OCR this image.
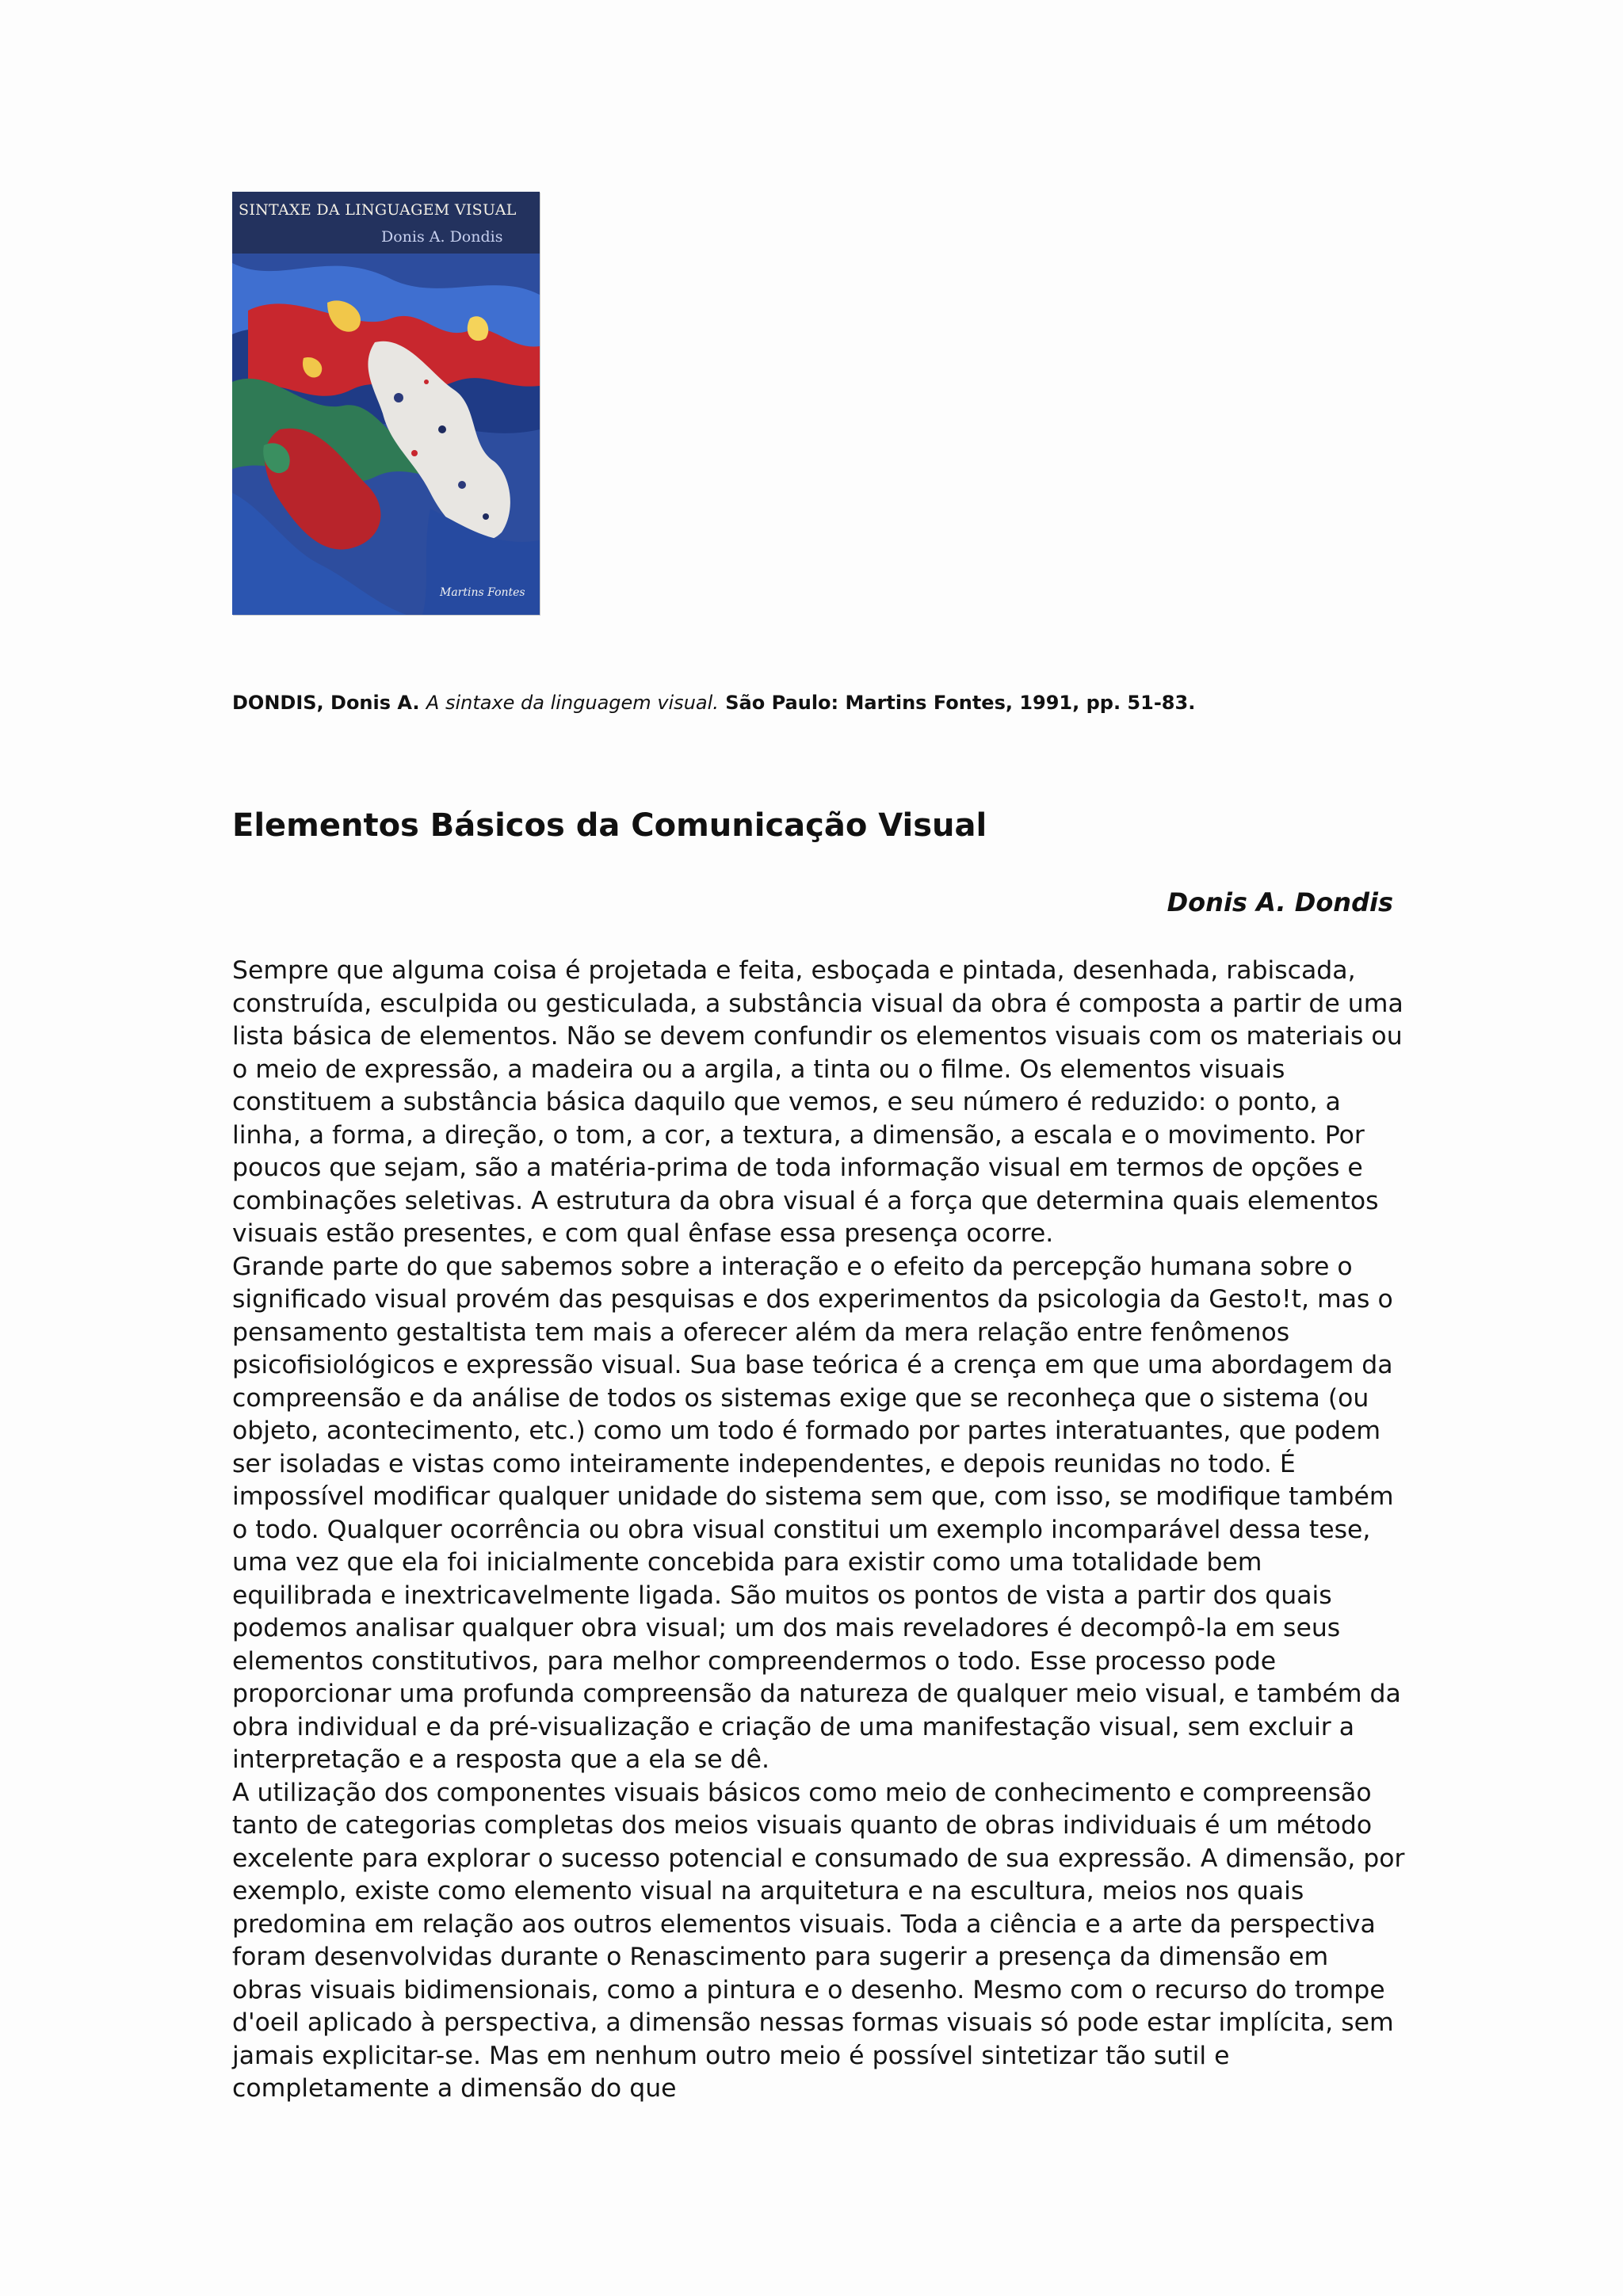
SINTAXE DA LINGUAGEM VISUAL
Donis A. Dondis
Martins Fontes
DONDIS, Donis A. A sintaxe da linguagem visual. São Paulo: Martins Fontes, 1991, pp. 51-83.
Elementos Básicos da Comunicação Visual

Donis A. Dondis

Sempre que alguma coisa é projetada e feita, esboçada e pintada, desenhada, rabiscada, construída, esculpida ou gesticulada, a substância visual da obra é composta a partir de uma lista básica de elementos. Não se devem confundir os elementos visuais com os materiais ou o meio de expressão, a madeira ou a argila, a tinta ou o filme. Os elementos visuais constituem a substância básica daquilo que vemos, e seu número é reduzido: o ponto, a linha, a forma, a direção, o tom, a cor, a textura, a dimensão, a escala e o movimento. Por poucos que sejam, são a matéria-prima de toda informação visual em termos de opções e combinações seletivas. A estrutura da obra visual é a força que determina quais elementos visuais estão presentes, e com qual ênfase essa presença ocorre.

Grande parte do que sabemos sobre a interação e o efeito da percepção humana sobre o significado visual provém das pesquisas e dos experimentos da psicologia da Gesto!t, mas o pensamento gestaltista tem mais a oferecer além da mera relação entre fenômenos psicofisiológicos e expressão visual. Sua base teórica é a crença em que uma abordagem da compreensão e da análise de todos os sistemas exige que se reconheça que o sistema (ou objeto, acontecimento, etc.) como um todo é formado por partes interatuantes, que podem ser isoladas e vistas como inteiramente independentes, e depois reunidas no todo. É impossível modificar qualquer unidade do sistema sem que, com isso, se modifique também o todo. Qualquer ocorrência ou obra visual constitui um exemplo incomparável dessa tese, uma vez que ela foi inicialmente concebida para existir como uma totalidade bem equilibrada e inextricavelmente ligada. São muitos os pontos de vista a partir dos quais podemos analisar qualquer obra visual; um dos mais reveladores é decompô-la em seus elementos constitutivos, para melhor compreendermos o todo. Esse processo pode proporcionar uma profunda compreensão da natureza de qualquer meio visual, e também da obra individual e da pré-visualização e criação de uma manifestação visual, sem excluir a interpretação e a resposta que a ela se dê.

A utilização dos componentes visuais básicos como meio de conhecimento e compreensão tanto de categorias completas dos meios visuais quanto de obras individuais é um método excelente para explorar o sucesso potencial e consumado de sua expressão. A dimensão, por exemplo, existe como elemento visual na arquitetura e na escultura, meios nos quais predomina em relação aos outros elementos visuais. Toda a ciência e a arte da perspectiva foram desenvolvidas durante o Renascimento para sugerir a presença da dimensão em obras visuais bidimensionais, como a pintura e o desenho. Mesmo com o recurso do trompe d'oeil aplicado à perspectiva, a dimensão nessas formas visuais só pode estar implícita, sem jamais explicitar-se. Mas em nenhum outro meio é possível sintetizar tão sutil e completamente a dimensão do que
